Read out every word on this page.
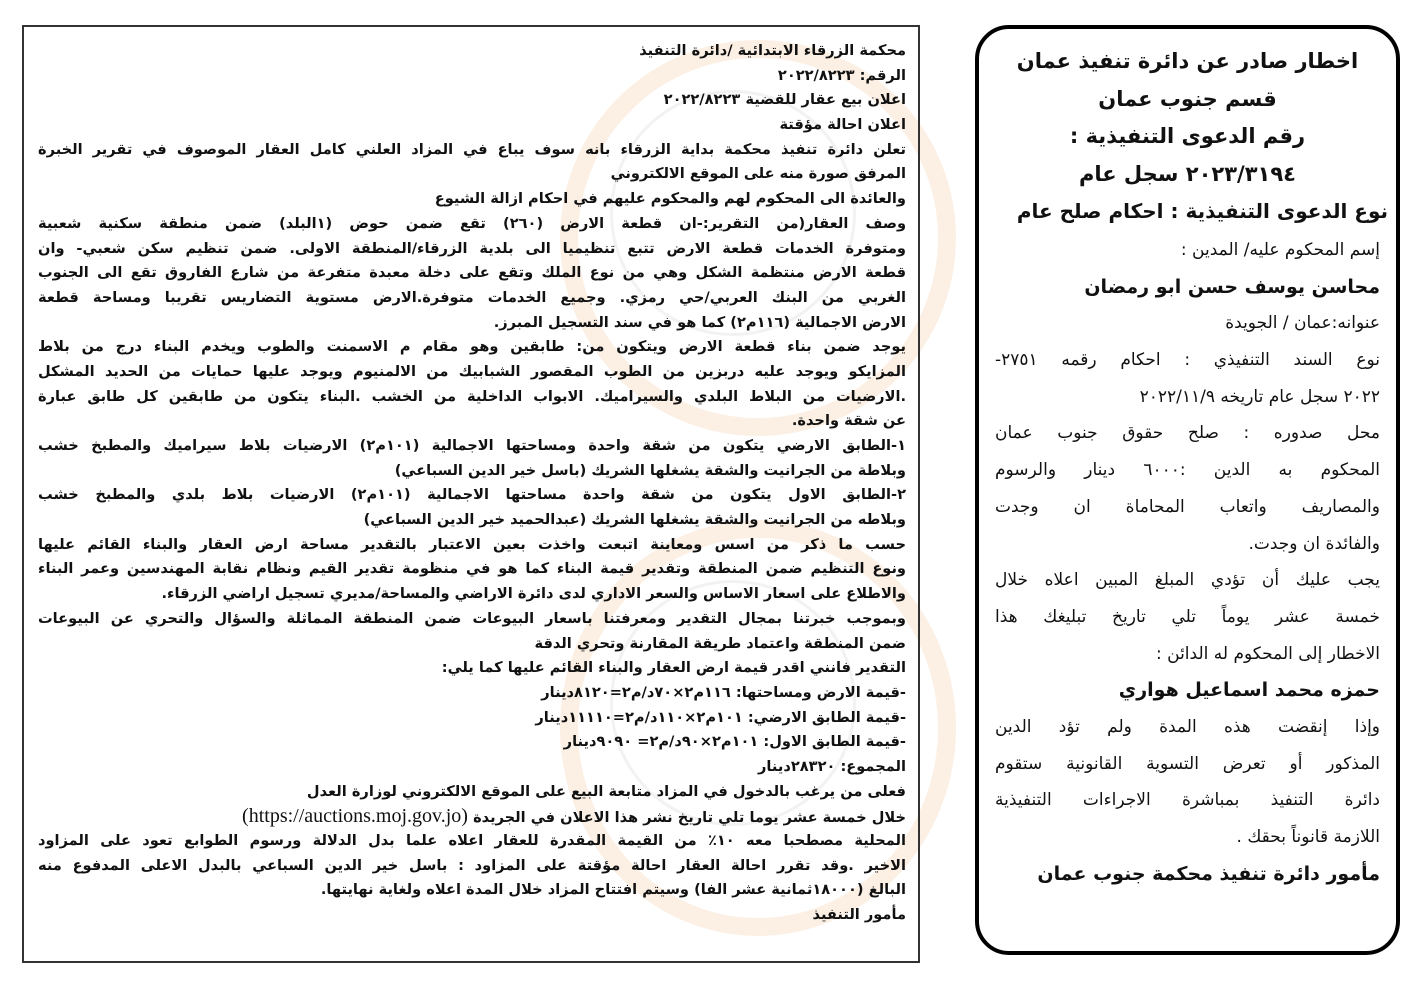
محكمة الزرقاء الابتدائية /دائرة التنفيذ
الرقم: ٢٠٢٢/٨٢٢٣
اعلان بيع عقار للقضية ٢٠٢٢/٨٢٢٣
اعلان احالة مؤقتة
تعلن دائرة تنفيذ محكمة بداية الزرقاء بانه سوف يباع في المزاد العلني كامل العقار الموصوف في تقرير الخبرة
المرفق صورة منه على الموقع الالكتروني
والعائدة الى المحكوم لهم والمحكوم عليهم في احكام ازالة الشيوع
وصف العقار(من التقرير:-ان قطعة الارض (٢٦٠) تقع ضمن حوض (١البلد) ضمن منطقة سكنية شعبية
ومتوفرة الخدمات قطعة الارض تتبع تنظيميا الى بلدية الزرقاء/المنطقة الاولى. ضمن تنظيم سكن شعبي- وان
قطعة الارض منتظمة الشكل وهي من نوع الملك وتقع على دخلة معبدة متفرعة من شارع الفاروق تقع الى الجنوب
الغربي من البنك العربي/حي رمزي. وجميع الخدمات متوفرة.الارض مستوية التضاريس تقريبا ومساحة قطعة
الارض الاجمالية (١١٦م٢) كما هو في سند التسجيل المبرز.
يوجد ضمن بناء قطعة الارض ويتكون من: طابقين وهو مقام م الاسمنت والطوب ويخدم البناء درج من بلاط
المزايكو ويوجد عليه دربزين من الطوب المقصور الشبابيك من الالمنيوم ويوجد عليها حمايات من الحديد المشكل
.الارضيات من البلاط البلدي والسيراميك. الابواب الداخلية من الخشب .البناء يتكون من طابقين كل طابق عبارة
عن شقة واحدة.
١-الطابق الارضي يتكون من شقة واحدة ومساحتها الاجمالية (١٠١م٢) الارضيات بلاط سيراميك والمطبخ خشب
وبلاطة من الجرانيت والشقة يشغلها الشريك (باسل خير الدين السباعي)
٢-الطابق الاول يتكون من شقة واحدة مساحتها الاجمالية (١٠١م٢) الارضيات بلاط بلدي والمطبخ خشب
وبلاطه من الجرانيت والشقة يشغلها الشريك (عبدالحميد خير الدين السباعي)
حسب ما ذكر من اسس ومعاينة اتبعت واخذت بعين الاعتبار بالتقدير مساحة ارض العقار والبناء القائم عليها
ونوع التنظيم ضمن المنطقة وتقدير قيمة البناء كما هو في منظومة تقدير القيم ونظام نقابة المهندسين وعمر البناء
والاطلاع على اسعار الاساس والسعر الاداري لدى دائرة الاراضي والمساحة/مديري تسجيل اراضي الزرقاء.
وبموجب خبرتنا بمجال التقدير ومعرفتنا باسعار البيوعات ضمن المنطقة المماثلة والسؤال والتحري عن البيوعات
ضمن المنطقة واعتماد طريقة المقارنة وتحري الدقة
التقدير فانني اقدر قيمة ارض العقار والبناء القائم عليها كما يلي:
-قيمة الارض ومساحتها: ١١٦م٢×٧٠د/م٢=٨١٢٠دينار
-قيمة الطابق الارضي: ١٠١م٢×١١٠د/م٢=١١١١٠دينار
-قيمة الطابق الاول: ١٠١م٢×٩٠د/م٢= ٩٠٩٠دينار
المجموع: ٢٨٣٢٠دينار
فعلى من يرغب بالدخول في المزاد متابعة البيع على الموقع الالكتروني لوزارة العدل
خلال خمسة عشر يوما تلي تاريخ نشر هذا الاعلان في الجريدة (https://auctions.moj.gov.jo)
المحلية مصطحبا معه ١٠٪ من القيمة المقدرة للعقار اعلاه علما بدل الدلالة ورسوم الطوابع تعود على المزاود
الاخير .وقد تقرر احالة العقار احالة مؤقتة على المزاود : باسل خير الدين السباعي بالبدل الاعلى المدفوع منه
البالغ (١٨٠٠٠ثمانية عشر الفا) وسيتم افتتاح المزاد خلال المدة اعلاه ولغاية نهايتها.
مأمور التنفيذ
اخطار صادر عن دائرة تنفيذ عمان
قسم جنوب عمان
رقم الدعوى التنفيذية :
٢٠٢٣/٣١٩٤ سجل عام
نوع الدعوى التنفيذية : احكام صلح عام
إسم المحكوم عليه/ المدين :
محاسن يوسف حسن ابو رمضان
عنوانه:عمان / الجويدة
نوع السند التنفيذي : احكام رقمه ٢٧٥١-
٢٠٢٢ سجل عام تاريخه ٢٠٢٢/١١/٩
محل صدوره : صلح حقوق جنوب عمان
المحكوم به الدين :٦٠٠٠ دينار والرسوم
والمصاريف واتعاب المحاماة ان وجدت
والفائدة ان وجدت.
يجب عليك أن تؤدي المبلغ المبين اعلاه خلال
خمسة عشر يوماً تلي تاريخ تبليغك هذا
الاخطار إلى المحكوم له الدائن :
حمزه محمد اسماعيل هواري
وإذا إنقضت هذه المدة ولم تؤد الدين
المذكور أو تعرض التسوية القانونية ستقوم
دائرة التنفيذ بمباشرة الاجراءات التنفيذية
اللازمة قانوناً بحقك .
مأمور دائرة تنفيذ محكمة جنوب عمان
